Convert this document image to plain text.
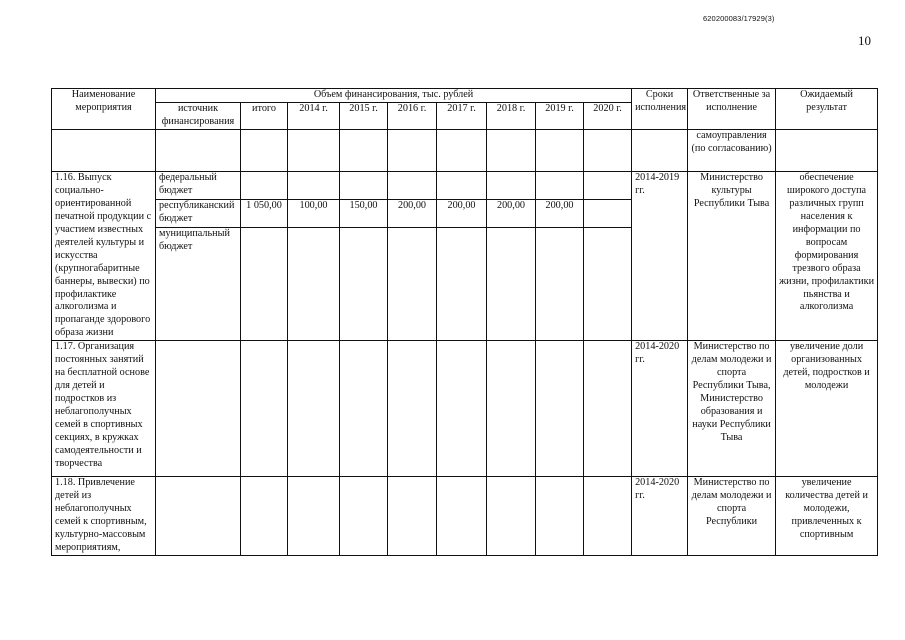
620200083/17929(3)
10
Наименование мероприятия	Объем финансирования, тыс. рублей									Сроки исполнения	Ответственные за исполнение	Ожидаемый результат
	источник финансирования	итого	2014 г.	2015 г.	2016 г.	2017 г.	2018 г.	2019 г.	2020 г.			
											самоуправления (по согласованию)	
1.16. Выпуск социально-ориентированной печатной продукции с участием известных деятелей культуры и искусства (крупногабаритные баннеры, вывески) по профилактике алкоголизма и пропаганде здорового образа жизни	федеральный бюджет									2014-2019 гг.	Министерство культуры Республики Тыва	обеспечение широкого доступа различных групп населения к информации по вопросам формирования трезвого образа жизни, профилактики пьянства и алкоголизма
	республиканский бюджет	1 050,00	100,00	150,00	200,00	200,00	200,00	200,00				
	муниципальный бюджет											
1.17. Организация постоянных занятий на бесплатной основе для детей и подростков из неблагополучных семей в спортивных секциях, в кружках самодеятельности и творчества										2014-2020 гг.	Министерство по делам молодежи и спорта Республики Тыва, Министерство образования и науки Республики Тыва	увеличение доли организованных детей, подростков и молодежи
1.18. Привлечение детей из неблагополучных семей к спортивным, культурно-массовым мероприятиям,										2014-2020 гг.	Министерство по делам молодежи и спорта Республики	увеличение количества детей и молодежи, привлеченных к спортивным
